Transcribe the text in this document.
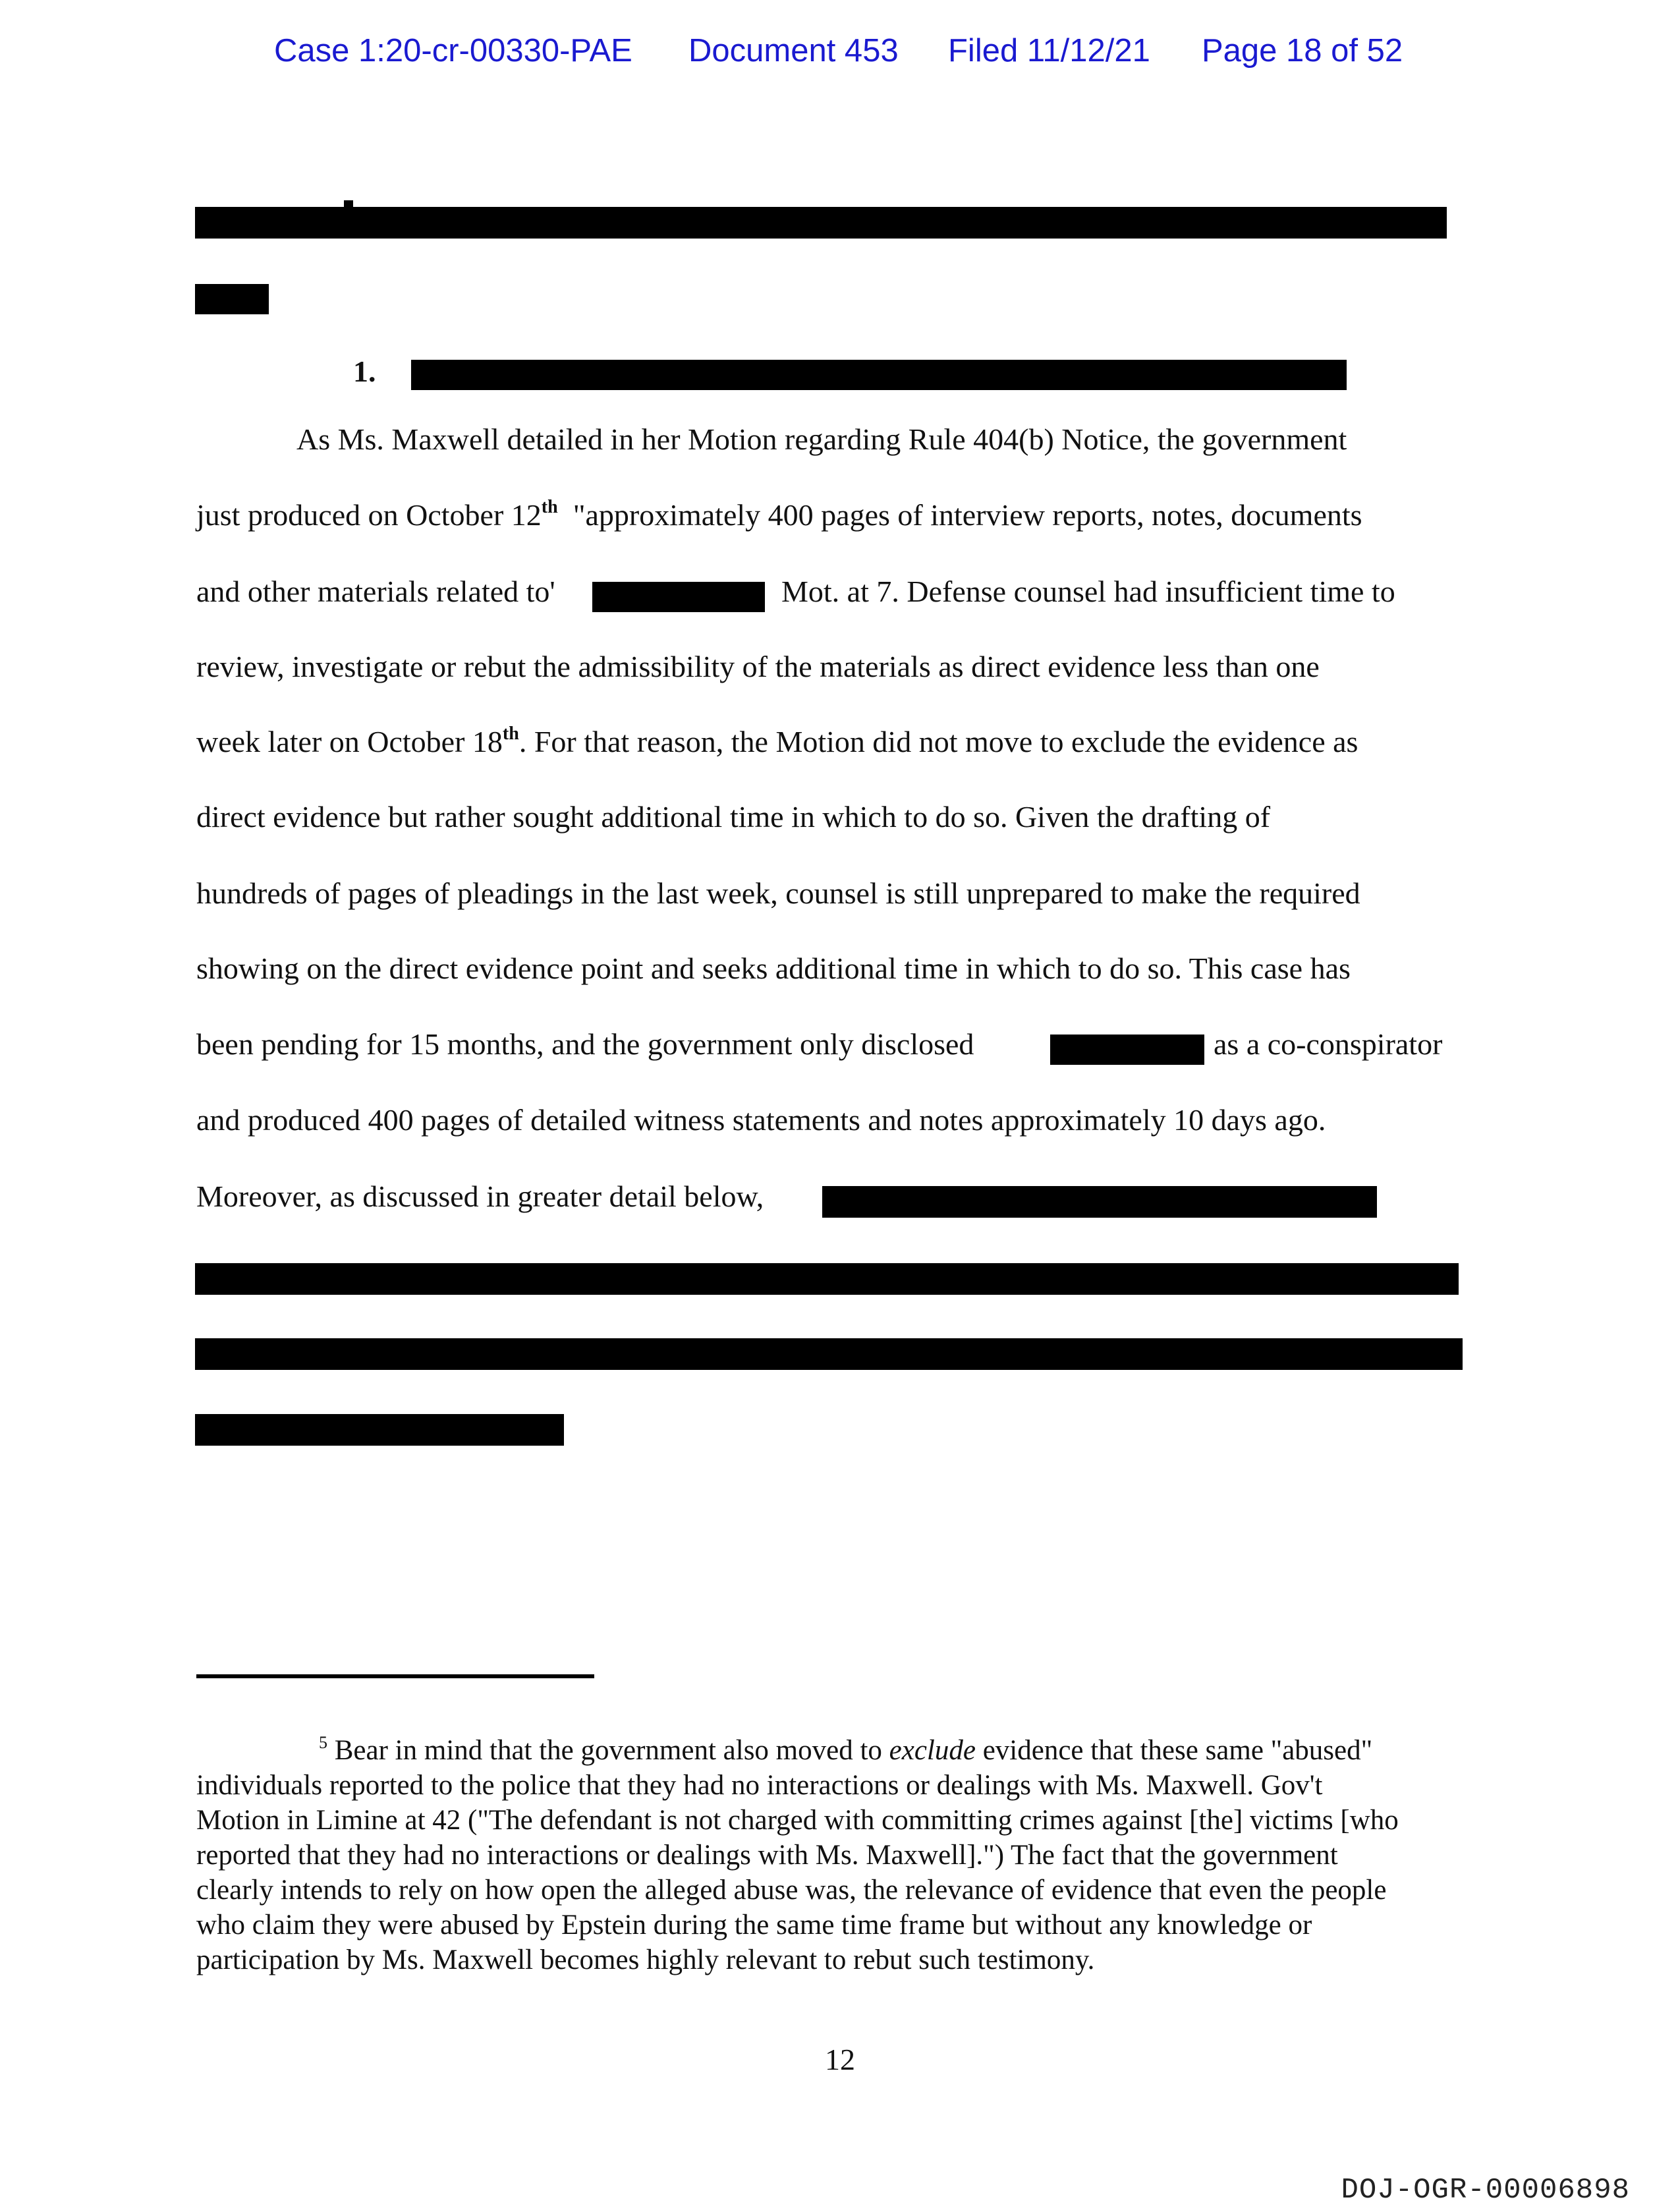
Case 1:20-cr-00330-PAE Document 453 Filed 11/12/21 Page 18 of 52
1.
As Ms. Maxwell detailed in her Motion regarding Rule 404(b) Notice, the government
just produced on October 12th "approximately 400 pages of interview reports, notes, documents
and other materials related to'	Mot. at 7. Defense counsel had insufficient time to
review, investigate or rebut the admissibility of the materials as direct evidence less than one
week later on October 18th. For that reason, the Motion did not move to exclude the evidence as
direct evidence but rather sought additional time in which to do so. Given the drafting of
hundreds of pages of pleadings in the last week, counsel is still unprepared to make the required
showing on the direct evidence point and seeks additional time in which to do so. This case has
been pending for 15 months, and the government only disclosed	as a co-conspirator
and produced 400 pages of detailed witness statements and notes approximately 10 days ago.
Moreover, as discussed in greater detail below,
$^5$ Bear in mind that the government also moved to exclude evidence that these same "abused"
individuals reported to the police that they had no interactions or dealings with Ms. Maxwell. Gov't
Motion in Limine at 42 ("The defendant is not charged with committing crimes against [the] victims [who
reported that they had no interactions or dealings with Ms. Maxwell].") The fact that the government
clearly intends to rely on how open the alleged abuse was, the relevance of evidence that even the people
who claim they were abused by Epstein during the same time frame but without any knowledge or
participation by Ms. Maxwell becomes highly relevant to rebut such testimony.
12
DOJ-OGR-00006898
